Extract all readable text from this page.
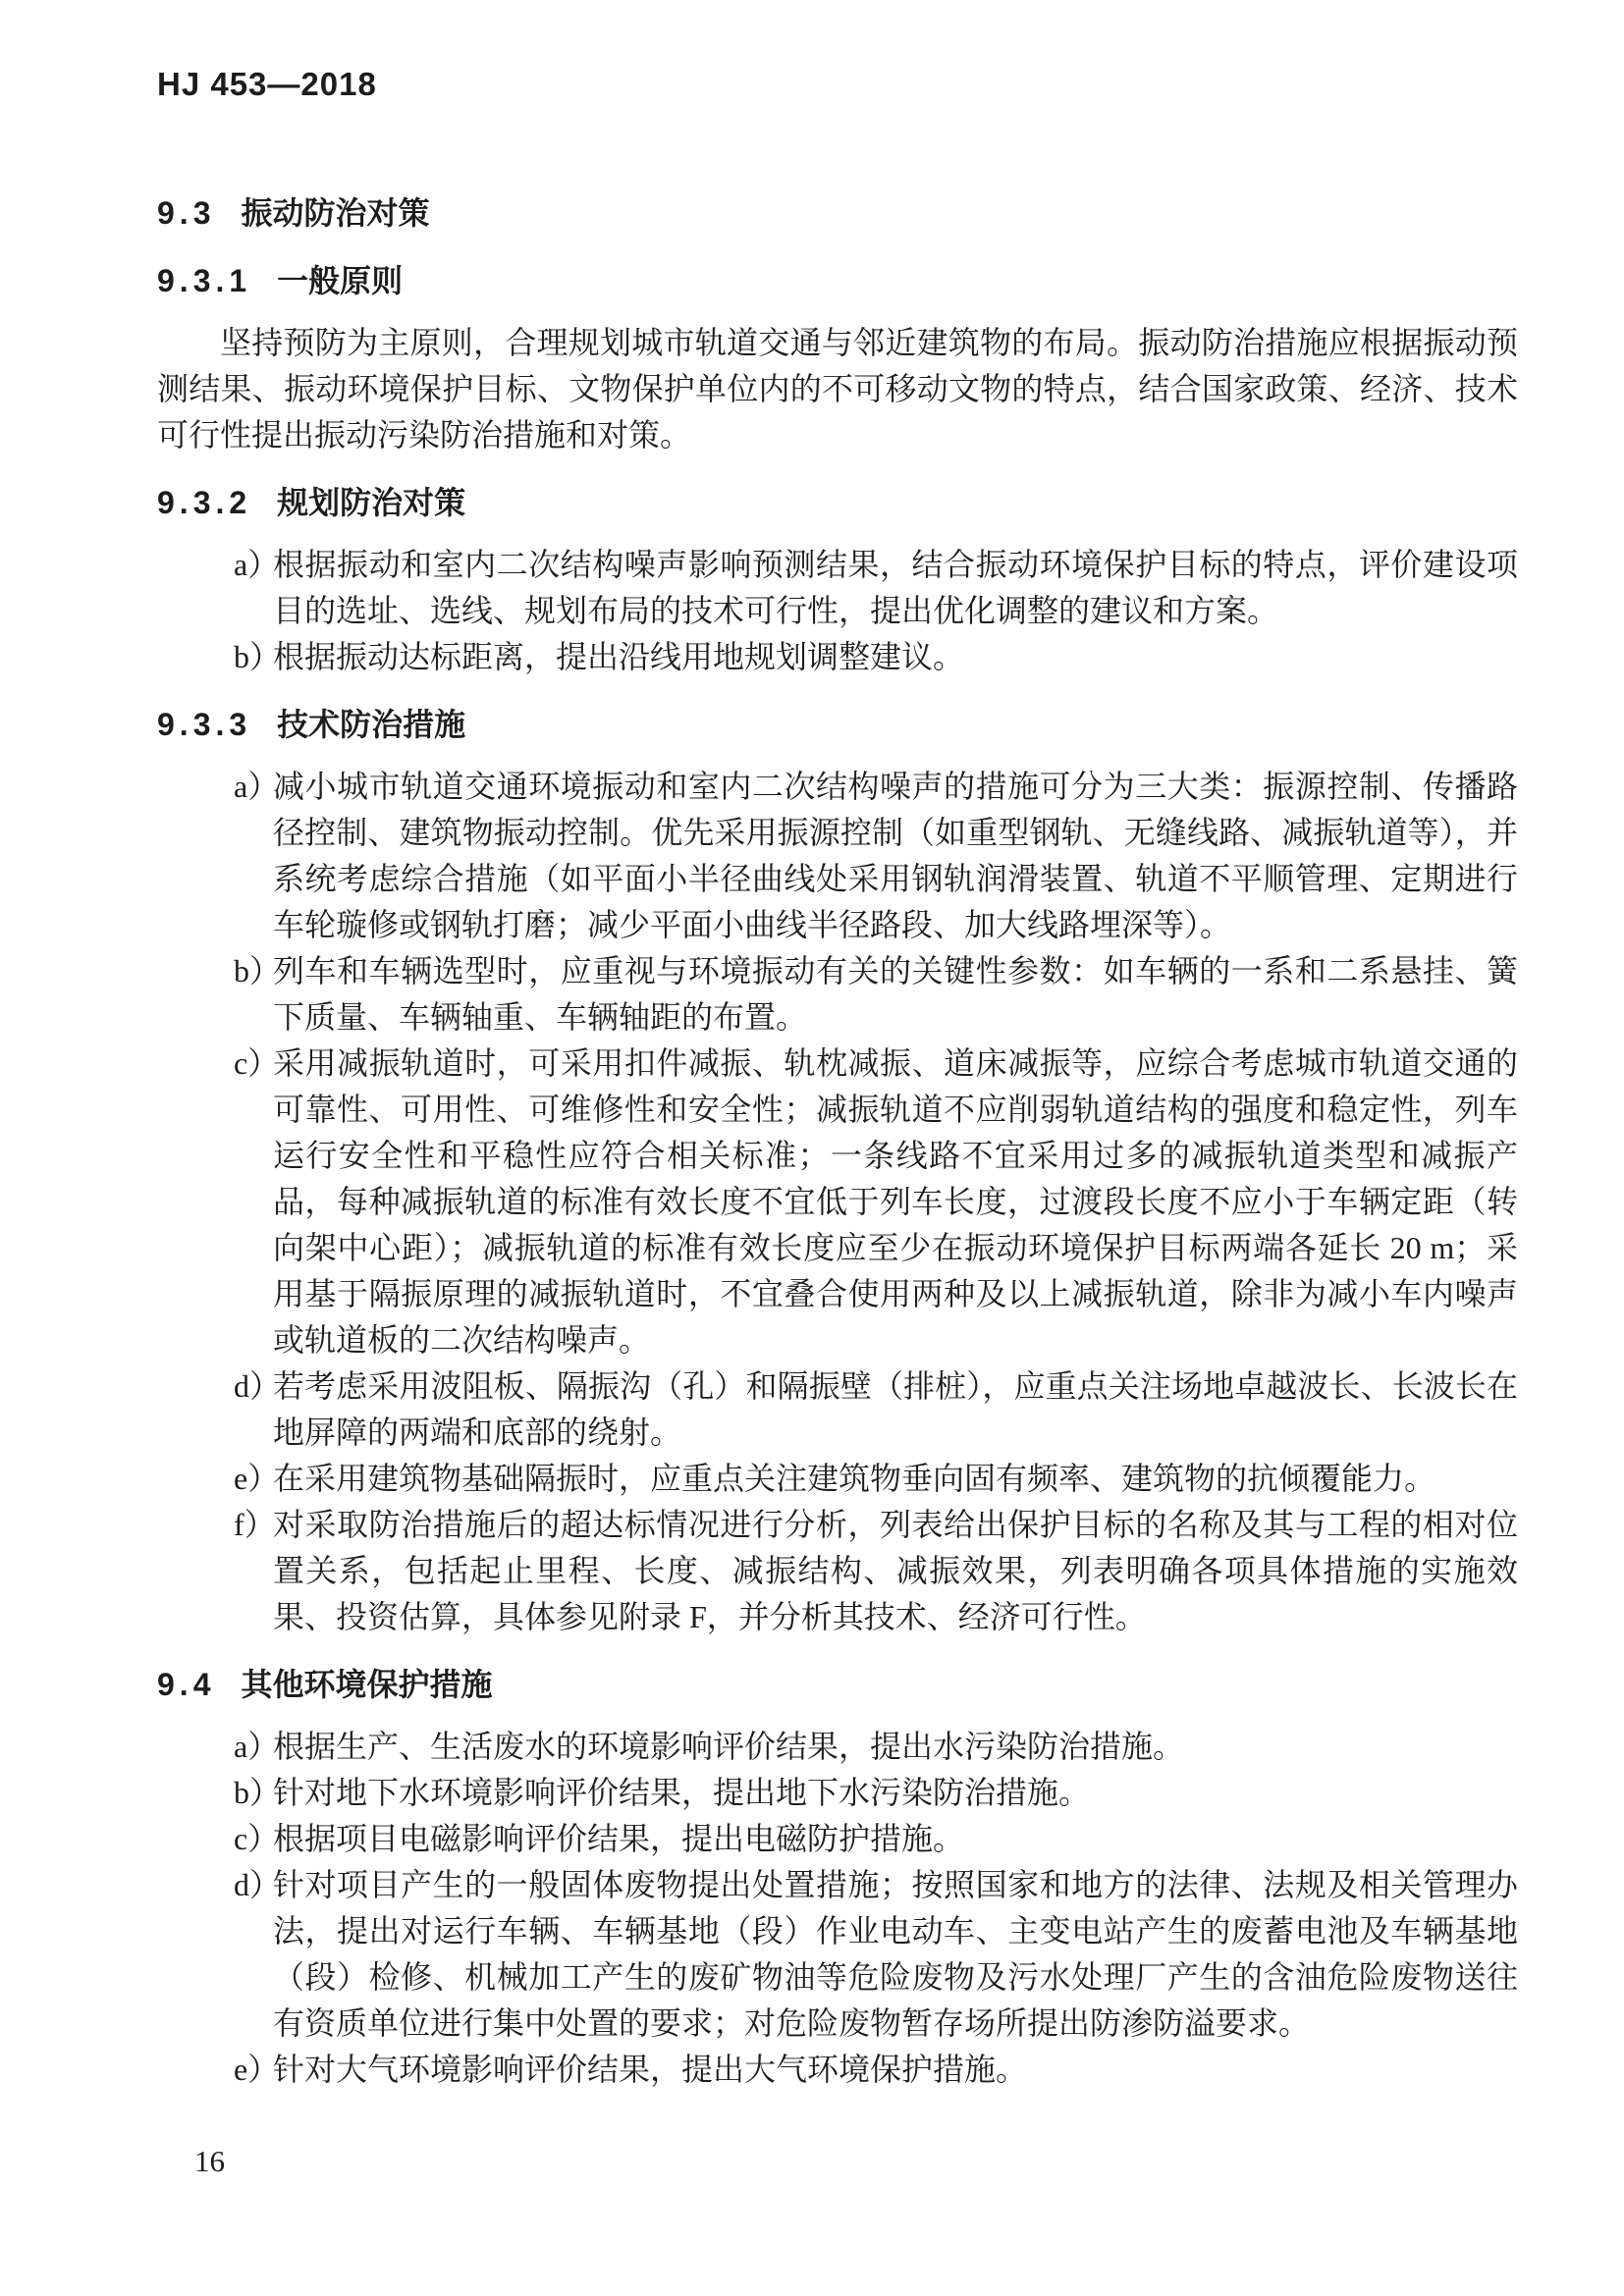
HJ 453—2018
9.3 振动防治对策
9.3.1 一般原则

坚持预防为主原则，合理规划城市轨道交通与邻近建筑物的布局。振动防治措施应根据振动预测结果、振动环境保护目标、文物保护单位内的不可移动文物的特点，结合国家政策、经济、技术可行性提出振动污染防治措施和对策。

9.3.2 规划防治对策
a）
根据振动和室内二次结构噪声影响预测结果，结合振动环境保护目标的特点，评价建设项目的选址、选线、规划布局的技术可行性，提出优化调整的建议和方案。
b）
根据振动达标距离，提出沿线用地规划调整建议。
9.3.3 技术防治措施
a）
减小城市轨道交通环境振动和室内二次结构噪声的措施可分为三大类：振源控制、传播路径控制、建筑物振动控制。优先采用振源控制（如重型钢轨、无缝线路、减振轨道等），并系统考虑综合措施（如平面小半径曲线处采用钢轨润滑装置、轨道不平顺管理、定期进行车轮璇修或钢轨打磨；减少平面小曲线半径路段、加大线路埋深等）。
b）
列车和车辆选型时，应重视与环境振动有关的关键性参数：如车辆的一系和二系悬挂、簧下质量、车辆轴重、车辆轴距的布置。
c）
采用减振轨道时，可采用扣件减振、轨枕减振、道床减振等，应综合考虑城市轨道交通的可靠性、可用性、可维修性和安全性；减振轨道不应削弱轨道结构的强度和稳定性，列车运行安全性和平稳性应符合相关标准；一条线路不宜采用过多的减振轨道类型和减振产品，每种减振轨道的标准有效长度不宜低于列车长度，过渡段长度不应小于车辆定距（转向架中心距）；减振轨道的标准有效长度应至少在振动环境保护目标两端各延长 20 m；采用基于隔振原理的减振轨道时，不宜叠合使用两种及以上减振轨道，除非为减小车内噪声或轨道板的二次结构噪声。
d）
若考虑采用波阻板、隔振沟（孔）和隔振壁（排桩），应重点关注场地卓越波长、长波长在地屏障的两端和底部的绕射。
e）
在采用建筑物基础隔振时，应重点关注建筑物垂向固有频率、建筑物的抗倾覆能力。
f）
对采取防治措施后的超达标情况进行分析，列表给出保护目标的名称及其与工程的相对位置关系，包括起止里程、长度、减振结构、减振效果，列表明确各项具体措施的实施效果、投资估算，具体参见附录 F，并分析其技术、经济可行性。
9.4 其他环境保护措施
a）
根据生产、生活废水的环境影响评价结果，提出水污染防治措施。
b）
针对地下水环境影响评价结果，提出地下水污染防治措施。
c）
根据项目电磁影响评价结果，提出电磁防护措施。
d）
针对项目产生的一般固体废物提出处置措施；按照国家和地方的法律、法规及相关管理办法，提出对运行车辆、车辆基地（段）作业电动车、主变电站产生的废蓄电池及车辆基地（段）检修、机械加工产生的废矿物油等危险废物及污水处理厂产生的含油危险废物送往有资质单位进行集中处置的要求；对危险废物暂存场所提出防渗防溢要求。
e）
针对大气环境影响评价结果，提出大气环境保护措施。
16
